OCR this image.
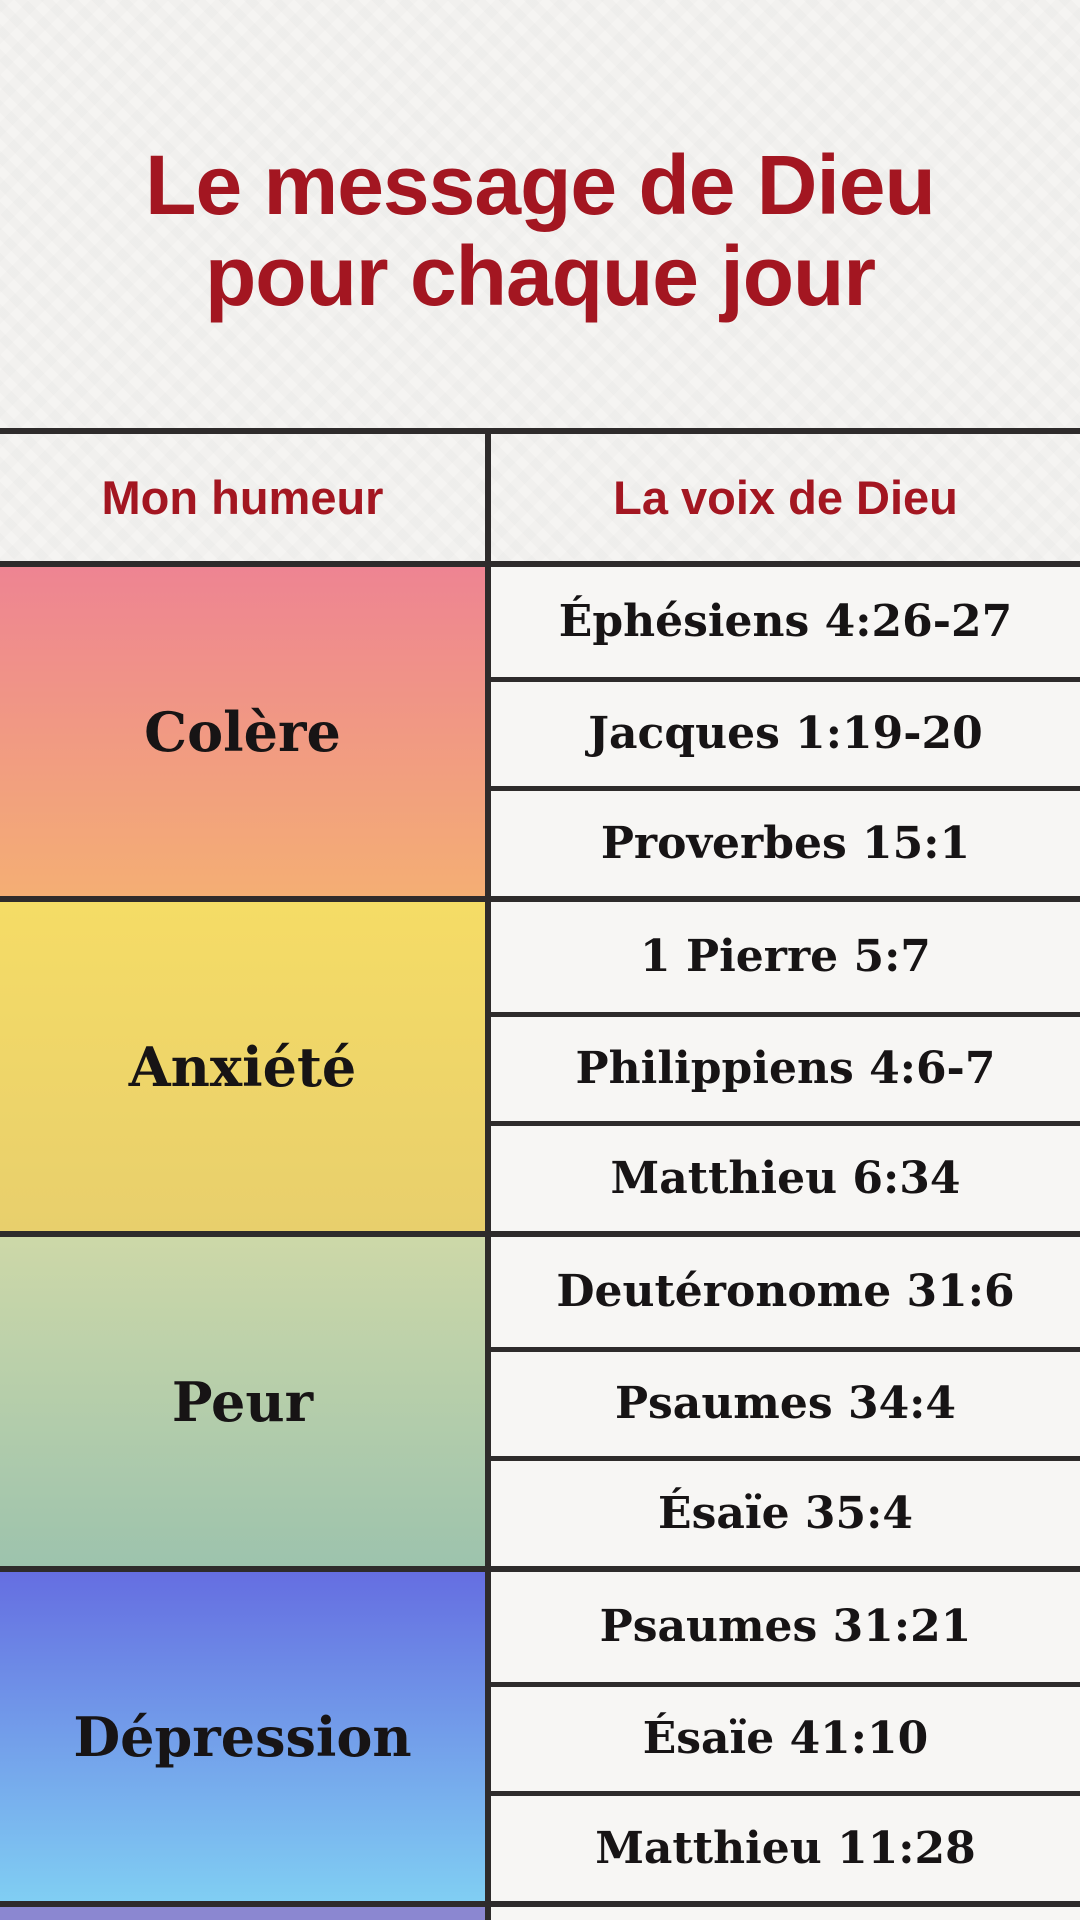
Le message de Dieu
pour chaque jour
Mon humeur	La voix de Dieu
Colère
Éphésiens 4:26-27
Jacques 1:19-20
Proverbes 15:1
Anxiété
1 Pierre 5:7
Philippiens 4:6-7
Matthieu 6:34
Peur
Deutéronome 31:6
Psaumes 34:4
Ésaïe 35:4
Dépression
Psaumes 31:21
Ésaïe 41:10
Matthieu 11:28
